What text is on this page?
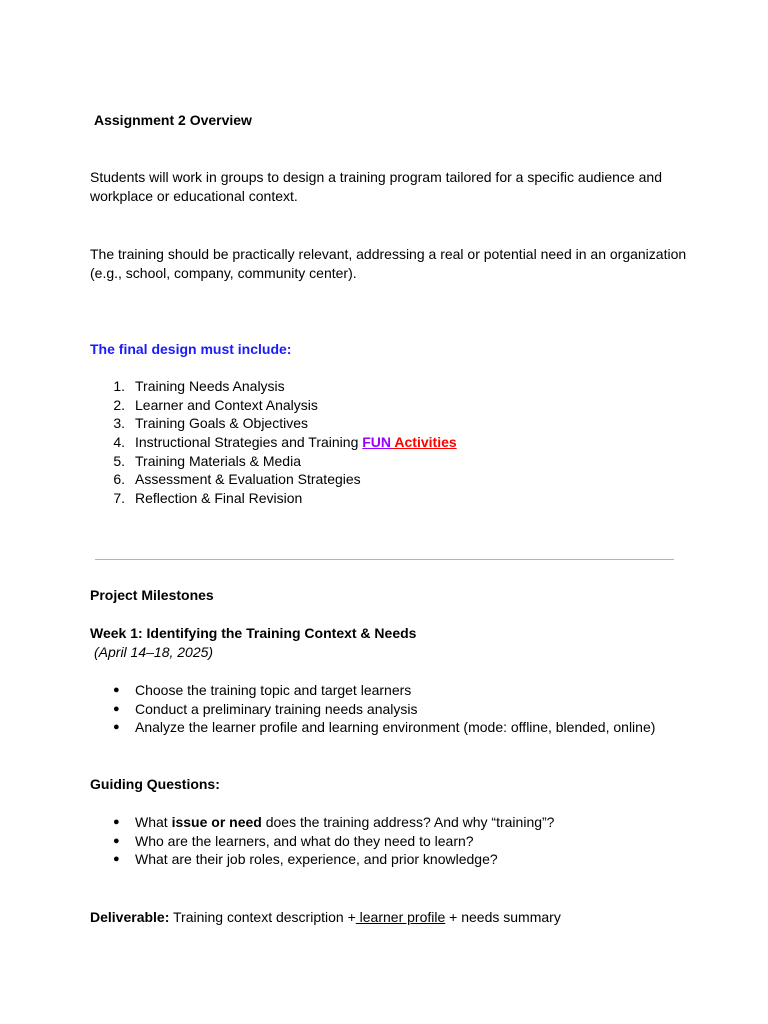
Assignment 2 Overview

Students will work in groups to design a training program tailored for a specific audience and workplace or educational context.

The training should be practically relevant, addressing a real or potential need in an organization (e.g., school, company, community center).

The final design must include:

1. Training Needs Analysis
2. Learner and Context Analysis
3. Training Goals & Objectives
4. Instructional Strategies and Training FUN Activities
5. Training Materials & Media
6. Assessment & Evaluation Strategies
7. Reflection & Final Revision

Project Milestones

Week 1: Identifying the Training Context & Needs

(April 14–18, 2025)

● Choose the training topic and target learners
● Conduct a preliminary training needs analysis
● Analyze the learner profile and learning environment (mode: offline, blended, online)

Guiding Questions:

● What issue or need does the training address? And why “training”?
● Who are the learners, and what do they need to learn?
● What are their job roles, experience, and prior knowledge?

Deliverable: Training context description + learner profile + needs summary
